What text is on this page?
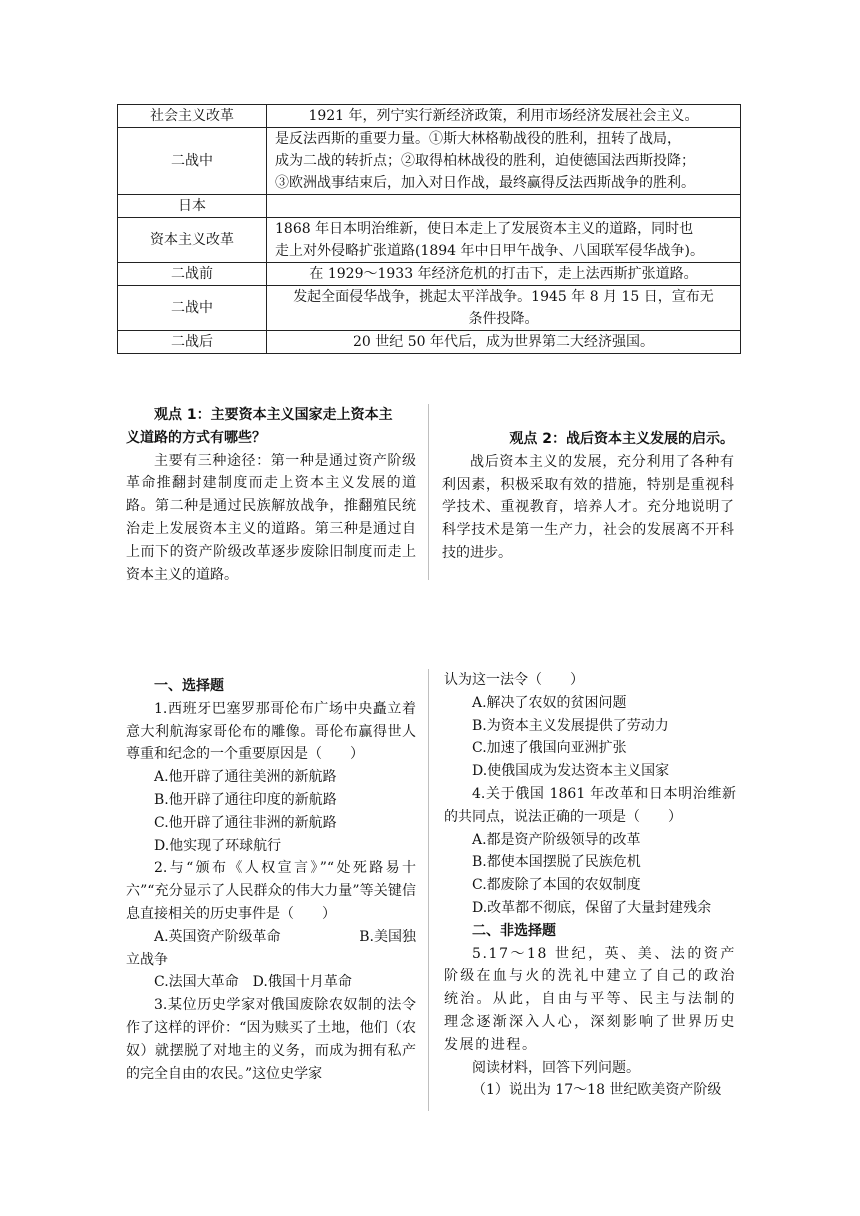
社会主义改革	1921 年，列宁实行新经济政策，利用市场经济发展社会主义。

二战中	是反法西斯的重要力量。①斯大林格勒战役的胜利，扭转了战局，
成为二战的转折点；②取得柏林战役的胜利，迫使德国法西斯投降；
③欧洲战事结束后，加入对日作战，最终赢得反法西斯战争的胜利。

日本	

资本主义改革	1868 年日本明治维新，使日本走上了发展资本主义的道路，同时也
走上对外侵略扩张道路(1894 年中日甲午战争、八国联军侵华战争)。

二战前	在 1929～1933 年经济危机的打击下，走上法西斯扩张道路。

二战中	发起全面侵华战争，挑起太平洋战争。1945 年 8 月 15 日，宣布无
条件投降。

二战后	20 世纪 50 年代后，成为世界第二大经济强国。

观点 1：主要资本主义国家走上资本主

义道路的方式有哪些？

主要有三种途径：第一种是通过资产阶级革命推翻封建制度而走上资本主义发展的道路。第二种是通过民族解放战争，推翻殖民统治走上发展资本主义的道路。第三种是通过自上而下的资产阶级改革逐步废除旧制度而走上资本主义的道路。

观点 2：战后资本主义发展的启示。

战后资本主义的发展，充分利用了各种有利因素，积极采取有效的措施，特别是重视科学技术、重视教育，培养人才。充分地说明了科学技术是第一生产力，社会的发展离不开科技的进步。

一、选择题

1.西班牙巴塞罗那哥伦布广场中央矗立着意大利航海家哥伦布的雕像。哥伦布赢得世人尊重和纪念的一个重要原因是（　　）

A.他开辟了通往美洲的新航路

B.他开辟了通往印度的新航路

C.他开辟了通往非洲的新航路

D.他实现了环球航行

2.与“颁布《人权宣言》”“处死路易十六”“充分显示了人民群众的伟大力量”等关键信息直接相关的历史事件是（　　）

A.英国资产阶级革命	B.美国独

立战争

C.法国大革命　D.俄国十月革命

3.某位历史学家对俄国废除农奴制的法令作了这样的评价：“因为赎买了土地，他们（农奴）就摆脱了对地主的义务，而成为拥有私产的完全自由的农民。”这位史学家

认为这一法令（　　）

A.解决了农奴的贫困问题

B.为资本主义发展提供了劳动力

C.加速了俄国向亚洲扩张

D.使俄国成为发达资本主义国家

4.关于俄国 1861 年改革和日本明治维新的共同点，说法正确的一项是（　　）

A.都是资产阶级领导的改革

B.都使本国摆脱了民族危机

C.都废除了本国的农奴制度

D.改革都不彻底，保留了大量封建残余

二、非选择题

5.17～18 世纪，英、美、法的资产阶级在血与火的洗礼中建立了自己的政治统治。从此，自由与平等、民主与法制的理念逐渐深入人心，深刻影响了世界历史发展的进程。

阅读材料，回答下列问题。

（1）说出为 17～18 世纪欧美资产阶级
